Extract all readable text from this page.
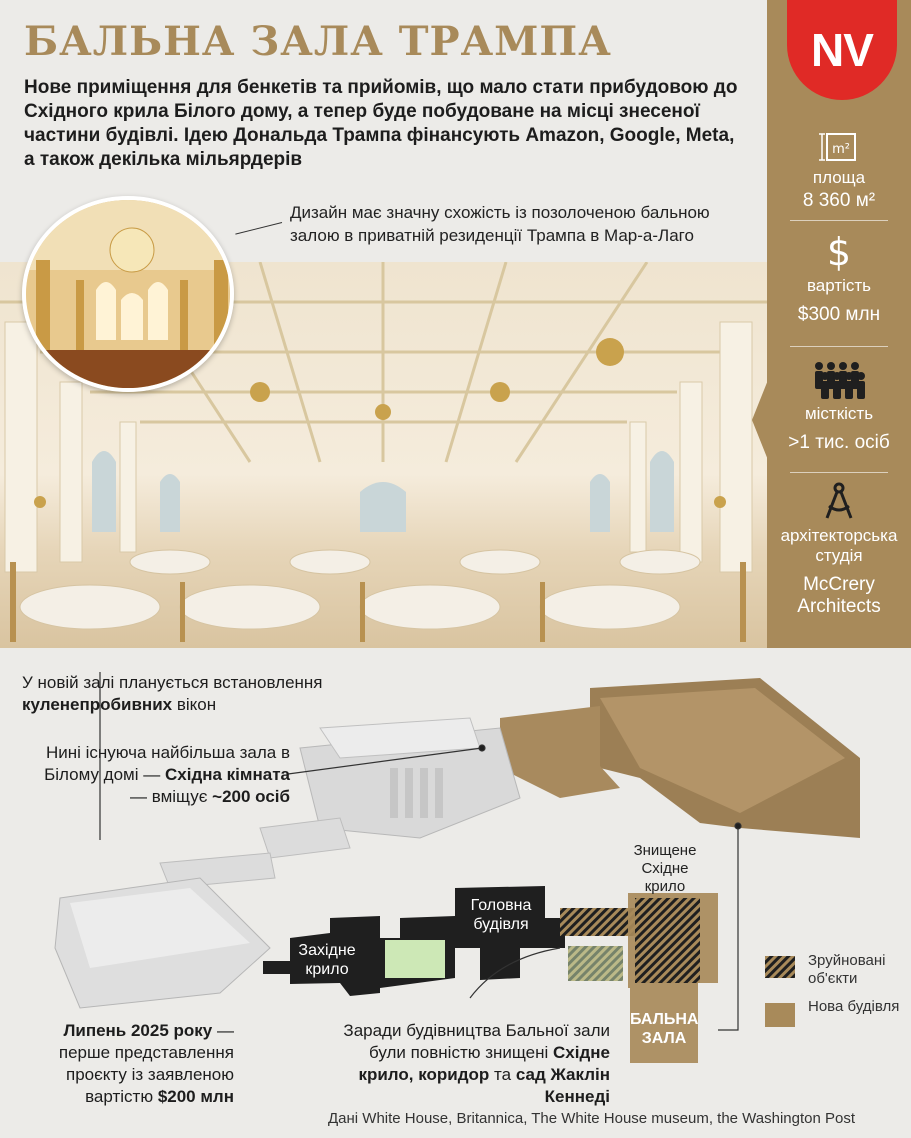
БАЛЬНА ЗАЛА ТРАМПА
Нове приміщення для бенкетів та прийомів, що мало стати прибудовою до Східного крила Білого дому, а тепер буде побудоване на місці знесеної частини будівлі. Ідею Дональда Трампа фінансують Amazon, Google, Meta, а також декілька мільярдерів
Дизайн має значну схожість із позолоченою бальною залою в приватній резиденції Трампа в Мар-а-Лаго
NV
m²
площа
8 360 м²
$
вартість
$300 млн
місткість
>1 тис. осіб
архітекторська студія
McCrery Architects
У новій залі планується встановлення куленепробивних вікон
Нині існуюча найбільша зала в Білому домі — Східна кімната — вміщує ~200 осіб
Липень 2025 року — перше представлення проєкту із заявленою вартістю $200 млн
Заради будівництва Бальної зали були повністю знищені Східне крило, коридор та сад Жаклін Кеннеді
Західне крило
Головна будівля
Знищене Східне крило
БАЛЬНА ЗАЛА
Зруйновані об'єкти
Нова будівля
Дані White House, Britannica, The White House museum, the Washington Post
